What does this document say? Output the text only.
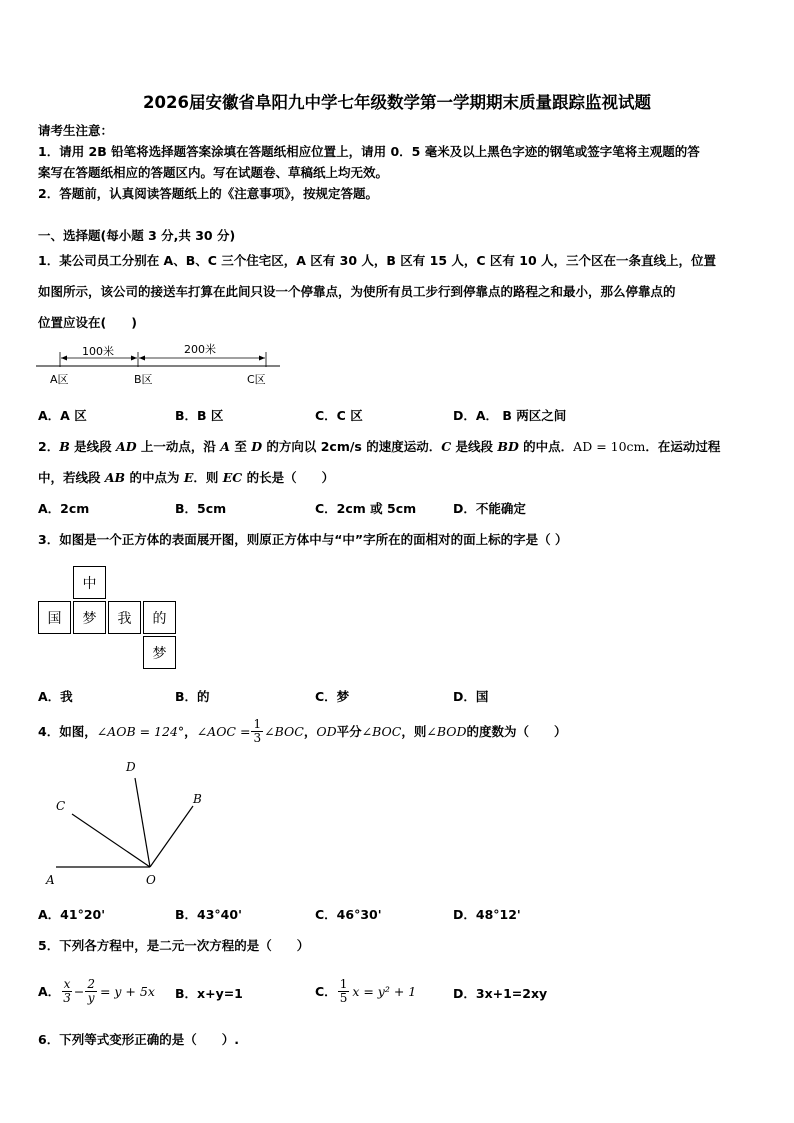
2026届安徽省阜阳九中学七年级数学第一学期期末质量跟踪监视试题
请考生注意：
1．请用 2B 铅笔将选择题答案涂填在答题纸相应位置上，请用 0．5 毫米及以上黑色字迹的钢笔或签字笔将主观题的答
案写在答题纸相应的答题区内。写在试题卷、草稿纸上均无效。
2．答题前，认真阅读答题纸上的《注意事项》，按规定答题。
一、选择题(每小题 3 分,共 30 分)
1．某公司员工分别在 A、B、C 三个住宅区，A 区有 30 人，B 区有 15 人，C 区有 10 人，三个区在一条直线上，位置
如图所示，该公司的接送车打算在此间只设一个停靠点，为使所有员工步行到停靠点的路程之和最小，那么停靠点的
位置应设在(　　)
100米	200米
A区	B区	C区
A．A 区	B．B 区	C．C 区	D．A． B 两区之间
2．B 是线段 AD 上一动点，沿 A 至 D 的方向以 2cm/s 的速度运动．C 是线段 BD 的中点．AD = 10cm．在运动过程
中，若线段 AB 的中点为 E．则 EC 的长是（　　）
A．2cm	B．5cm	C．2cm 或 5cm	D．不能确定
3．如图是一个正方体的表面展开图，则原正方体中与“中”字所在的面相对的面上标的字是（ ）
中
国	梦	我	的
梦
A．我	B．的	C．梦	D．国
4．如图， ∠AOB = 124° ， ∠AOC = $\frac{1}{3}$ ∠BOC ， OD 平分 ∠BOC ，则 ∠BOD 的度数为（　　）
A	O
B
C
D
A．41°20'	B．43°40'	C．46°30'	D．48°12'
5．下列各方程中，是二元一次方程的是（　　）
A． $\frac{x}{3} - \frac{2}{y} = y + 5x$ B．x+y=1	C． $\frac{1}{5}$ x = y² + 1	D．3x+1=2xy
6．下列等式变形正确的是（　　）.
